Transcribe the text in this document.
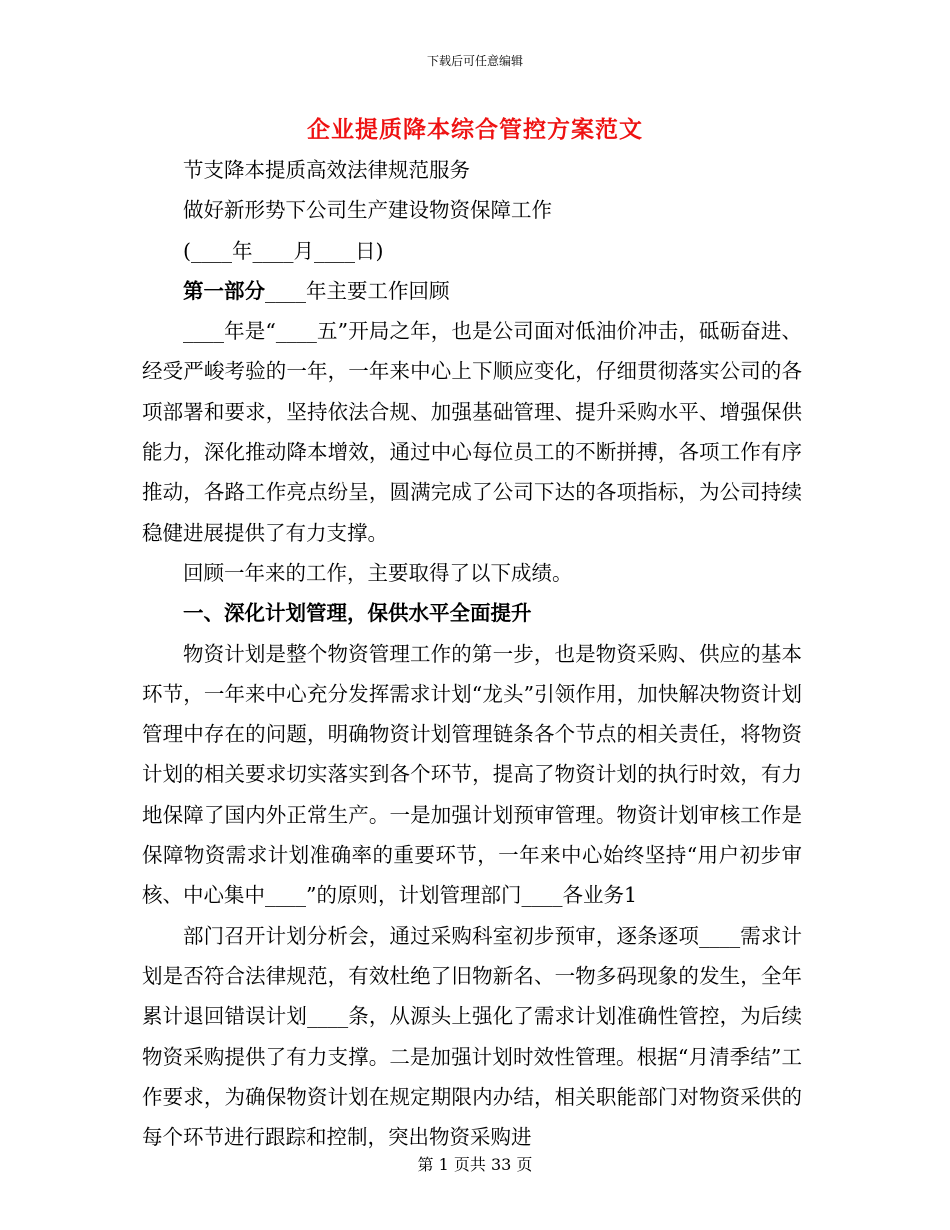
下载后可任意编辑
企业提质降本综合管控方案范文

节支降本提质高效法律规范服务

做好新形势下公司生产建设物资保障工作

(____年____月____日)

第一部分____年主要工作回顾

____年是“____五”开局之年，也是公司面对低油价冲击，砥砺奋进、经受严峻考验的一年，一年来中心上下顺应变化，仔细贯彻落实公司的各项部署和要求，坚持依法合规、加强基础管理、提升采购水平、增强保供能力，深化推动降本增效，通过中心每位员工的不断拼搏，各项工作有序推动，各路工作亮点纷呈，圆满完成了公司下达的各项指标，为公司持续稳健进展提供了有力支撑。

回顾一年来的工作，主要取得了以下成绩。

一、深化计划管理，保供水平全面提升

物资计划是整个物资管理工作的第一步，也是物资采购、供应的基本环节，一年来中心充分发挥需求计划“龙头”引领作用，加快解决物资计划管理中存在的问题，明确物资计划管理链条各个节点的相关责任，将物资计划的相关要求切实落实到各个环节，提高了物资计划的执行时效，有力地保障了国内外正常生产。一是加强计划预审管理。物资计划审核工作是保障物资需求计划准确率的重要环节，一年来中心始终坚持“用户初步审核、中心集中____”的原则，计划管理部门____各业务1

部门召开计划分析会，通过采购科室初步预审，逐条逐项____需求计划是否符合法律规范，有效杜绝了旧物新名、一物多码现象的发生，全年累计退回错误计划____条，从源头上强化了需求计划准确性管控，为后续物资采购提供了有力支撑。二是加强计划时效性管理。根据“月清季结”工作要求，为确保物资计划在规定期限内办结，相关职能部门对物资采供的每个环节进行跟踪和控制，突出物资采购进

第 1 页共 33 页
